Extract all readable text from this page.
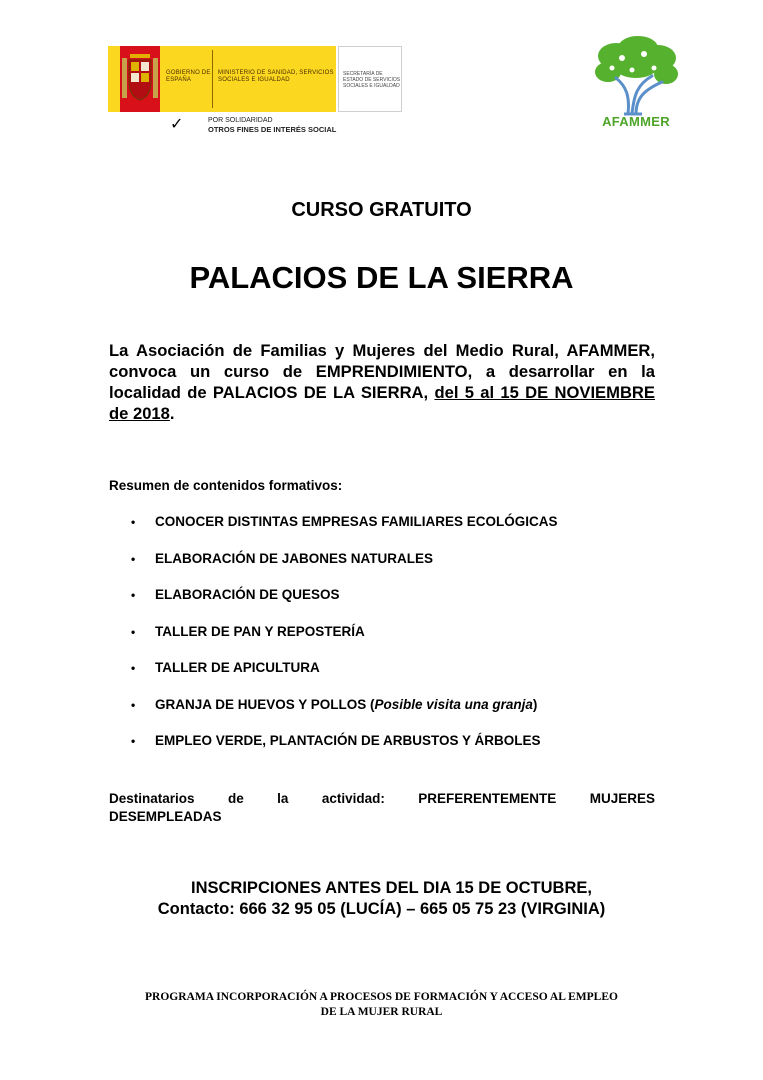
GOBIERNO DE ESPAÑA
MINISTERIO DE SANIDAD, SERVICIOS SOCIALES E IGUALDAD
SECRETARÍA DE ESTADO DE SERVICIOS SOCIALES E IGUALDAD
✓	POR SOLIDARIDAD
OTROS FINES DE INTERÉS SOCIAL
AFAMMER
CURSO GRATUITO
PALACIOS DE LA SIERRA
La Asociación de Familias y Mujeres del Medio Rural, AFAMMER, convoca un curso de EMPRENDIMIENTO, a desarrollar en la localidad de PALACIOS DE LA SIERRA, del 5 al 15 DE NOVIEMBRE de 2018.
Resumen de contenidos formativos:
• CONOCER DISTINTAS EMPRESAS FAMILIARES ECOLÓGICAS
• ELABORACIÓN DE JABONES NATURALES
• ELABORACIÓN DE QUESOS
• TALLER DE PAN Y REPOSTERÍA
• TALLER DE APICULTURA
• GRANJA DE HUEVOS Y POLLOS (Posible visita una granja)
• EMPLEO VERDE, PLANTACIÓN DE ARBUSTOS Y ÁRBOLES
Destinatarios de la actividad: PREFERENTEMENTE MUJERES
DESEMPLEADAS
INSCRIPCIONES ANTES DEL DIA 15 DE OCTUBRE,
Contacto: 666 32 95 05 (LUCÍA) – 665 05 75 23 (VIRGINIA)
PROGRAMA INCORPORACIÓN A PROCESOS DE FORMACIÓN Y ACCESO AL EMPLEO
DE LA MUJER RURAL
